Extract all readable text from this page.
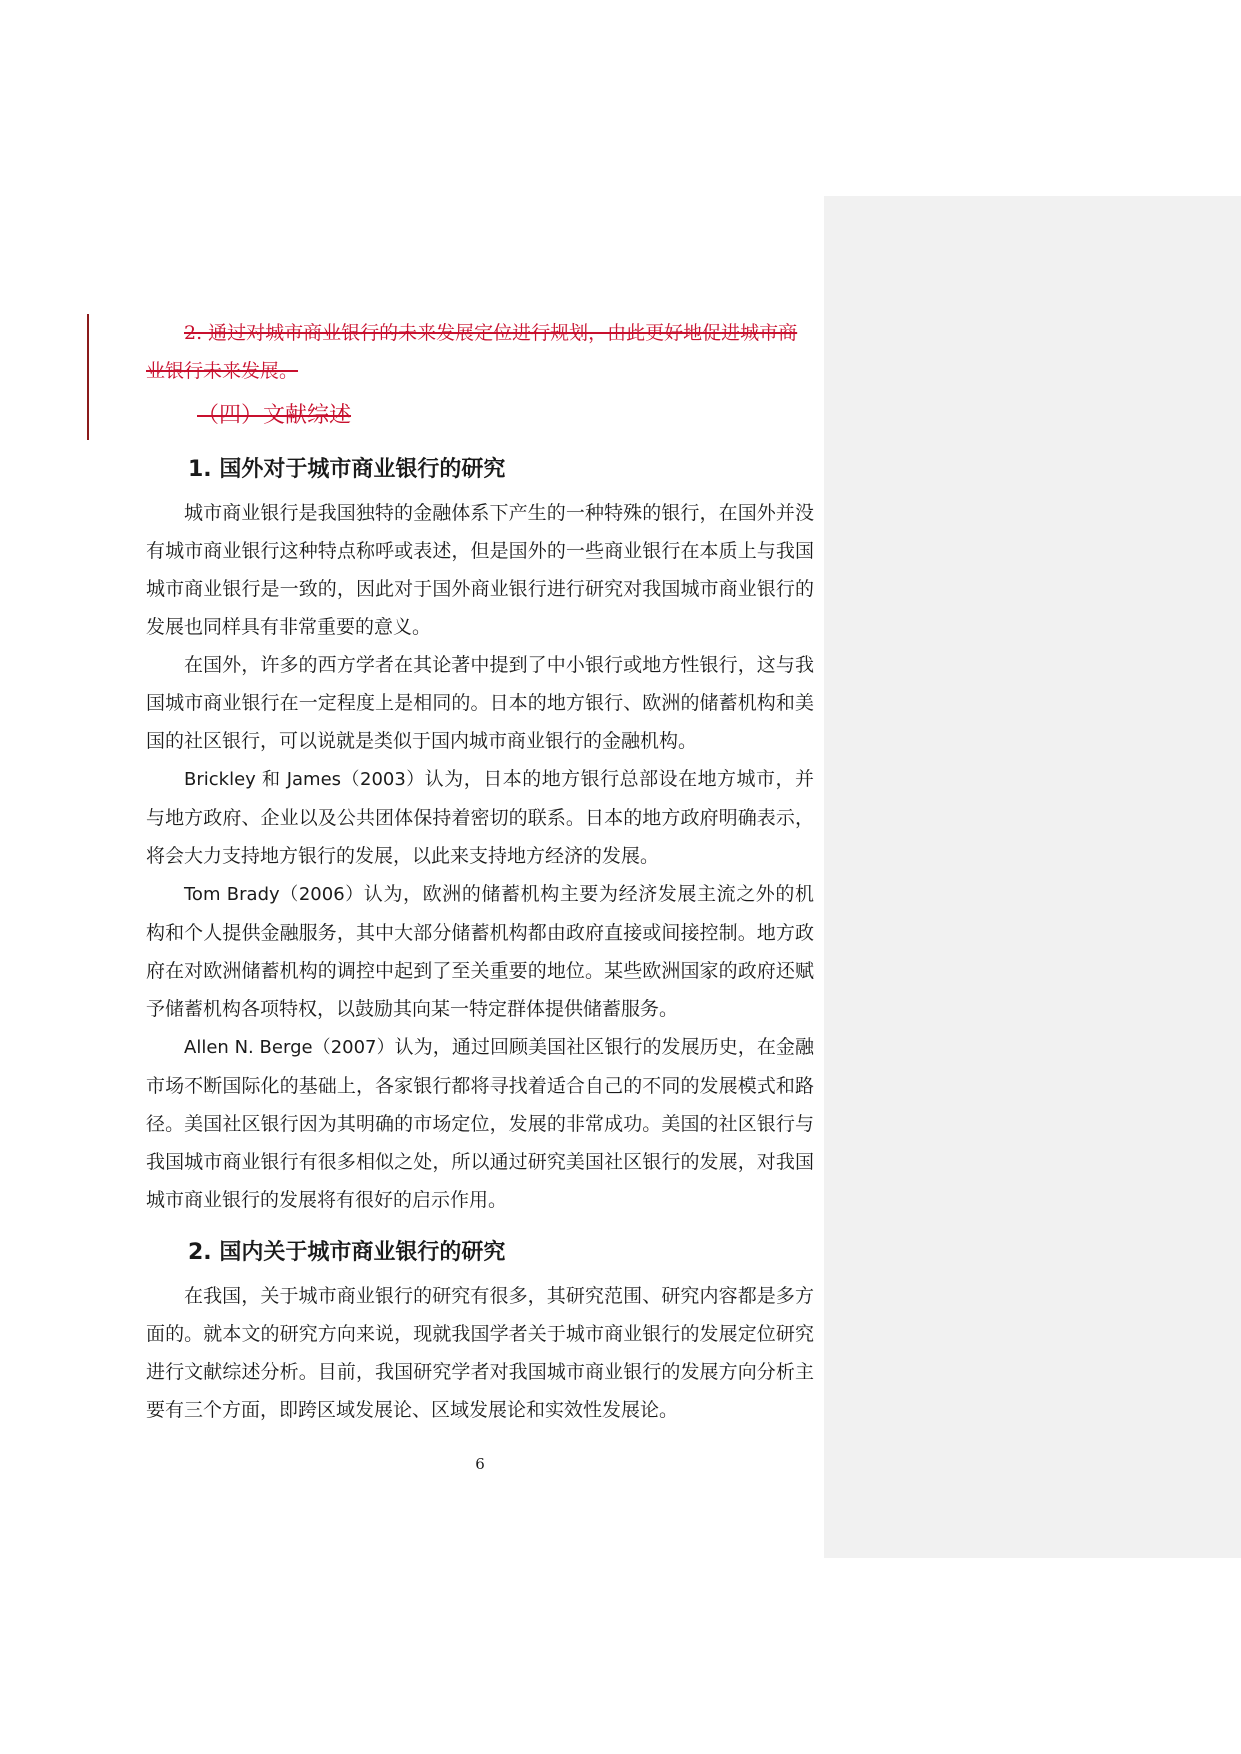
2. 通过对城市商业银行的未来发展定位进行规划，由此更好地促进城市商业银行未来发展。

（四）文献综述

1. 国外对于城市商业银行的研究

城市商业银行是我国独特的金融体系下产生的一种特殊的银行，在国外并没有城市商业银行这种特点称呼或表述，但是国外的一些商业银行在本质上与我国城市商业银行是一致的，因此对于国外商业银行进行研究对我国城市商业银行的发展也同样具有非常重要的意义。

在国外，许多的西方学者在其论著中提到了中小银行或地方性银行，这与我国城市商业银行在一定程度上是相同的。日本的地方银行、欧洲的储蓄机构和美国的社区银行，可以说就是类似于国内城市商业银行的金融机构。

Brickley 和 James（2003）认为，日本的地方银行总部设在地方城市，并与地方政府、企业以及公共团体保持着密切的联系。日本的地方政府明确表示，将会大力支持地方银行的发展，以此来支持地方经济的发展。

Tom Brady（2006）认为，欧洲的储蓄机构主要为经济发展主流之外的机构和个人提供金融服务，其中大部分储蓄机构都由政府直接或间接控制。地方政府在对欧洲储蓄机构的调控中起到了至关重要的地位。某些欧洲国家的政府还赋予储蓄机构各项特权，以鼓励其向某一特定群体提供储蓄服务。

Allen N. Berge（2007）认为，通过回顾美国社区银行的发展历史，在金融市场不断国际化的基础上，各家银行都将寻找着适合自己的不同的发展模式和路径。美国社区银行因为其明确的市场定位，发展的非常成功。美国的社区银行与我国城市商业银行有很多相似之处，所以通过研究美国社区银行的发展，对我国城市商业银行的发展将有很好的启示作用。

2. 国内关于城市商业银行的研究

在我国，关于城市商业银行的研究有很多，其研究范围、研究内容都是多方面的。就本文的研究方向来说，现就我国学者关于城市商业银行的发展定位研究进行文献综述分析。目前，我国研究学者对我国城市商业银行的发展方向分析主要有三个方面，即跨区域发展论、区域发展论和实效性发展论。

6
